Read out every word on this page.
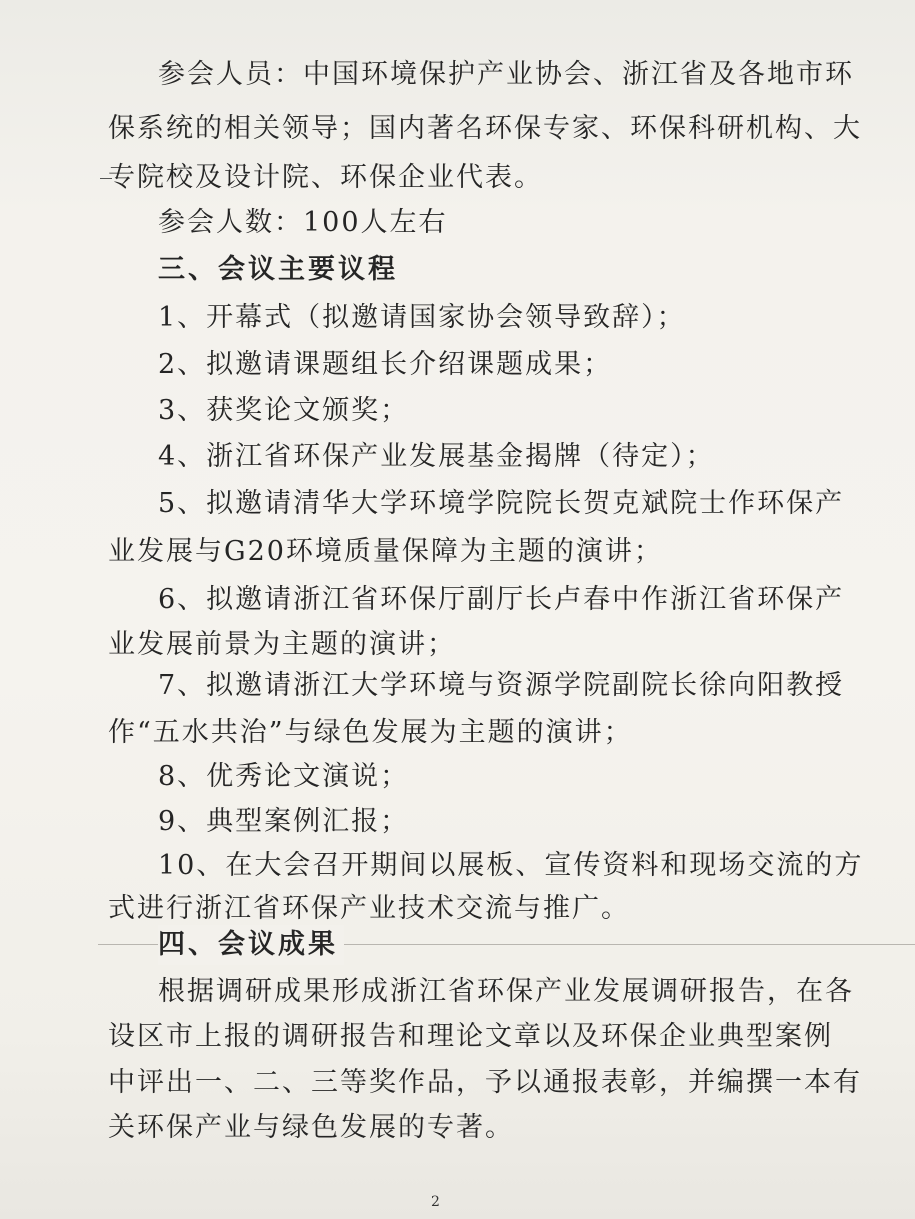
参会人员：中国环境保护产业协会、浙江省及各地市环
保系统的相关领导；国内著名环保专家、环保科研机构、大
专院校及设计院、环保企业代表。
参会人数：100人左右
三、会议主要议程
1、开幕式（拟邀请国家协会领导致辞）；
2、拟邀请课题组长介绍课题成果；
3、获奖论文颁奖；
4、浙江省环保产业发展基金揭牌（待定）；
5、拟邀请清华大学环境学院院长贺克斌院士作环保产
业发展与G20环境质量保障为主题的演讲；
6、拟邀请浙江省环保厅副厅长卢春中作浙江省环保产
业发展前景为主题的演讲；
7、拟邀请浙江大学环境与资源学院副院长徐向阳教授
作“五水共治”与绿色发展为主题的演讲；
8、优秀论文演说；
9、典型案例汇报；
10、在大会召开期间以展板、宣传资料和现场交流的方
式进行浙江省环保产业技术交流与推广。
四、会议成果
根据调研成果形成浙江省环保产业发展调研报告，在各
设区市上报的调研报告和理论文章以及环保企业典型案例
中评出一、二、三等奖作品，予以通报表彰，并编撰一本有
关环保产业与绿色发展的专著。
2
